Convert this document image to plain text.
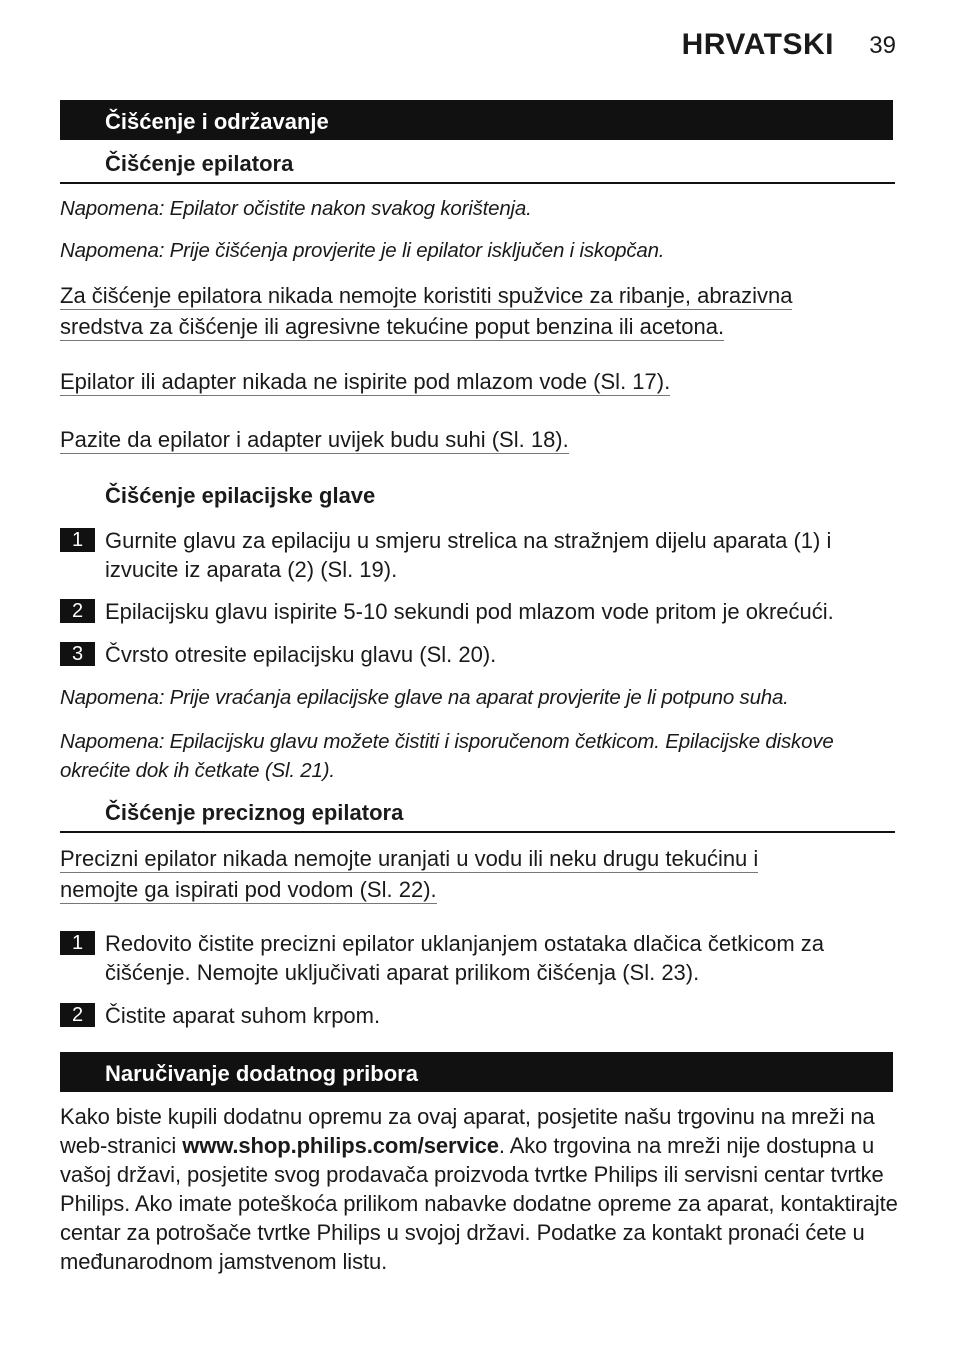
HRVATSKI 39
Čišćenje i održavanje
Čišćenje epilatora
Napomena: Epilator očistite nakon svakog korištenja.
Napomena: Prije čišćenja provjerite je li epilator isključen i iskopčan.
Za čišćenje epilatora nikada nemojte koristiti spužvice za ribanje, abrazivna
sredstva za čišćenje ili agresivne tekućine poput benzina ili acetona.
Epilator ili adapter nikada ne ispirite pod mlazom vode (Sl. 17).
Pazite da epilator i adapter uvijek budu suhi (Sl. 18).
Čišćenje epilacijske glave
1 Gurnite glavu za epilaciju u smjeru strelica na stražnjem dijelu aparata (1) i izvucite iz aparata (2) (Sl. 19).
2 Epilacijsku glavu ispirite 5-10 sekundi pod mlazom vode pritom je okrećući.
3 Čvrsto otresite epilacijsku glavu (Sl. 20).
Napomena: Prije vraćanja epilacijske glave na aparat provjerite je li potpuno suha.
Napomena: Epilacijsku glavu možete čistiti i isporučenom četkicom. Epilacijske diskove okrećite dok ih četkate (Sl. 21).
Čišćenje preciznog epilatora
Precizni epilator nikada nemojte uranjati u vodu ili neku drugu tekućinu i
nemojte ga ispirati pod vodom (Sl. 22).
1 Redovito čistite precizni epilator uklanjanjem ostataka dlačica četkicom za čišćenje. Nemojte uključivati aparat prilikom čišćenja (Sl. 23).
2 Čistite aparat suhom krpom.
Naručivanje dodatnog pribora
Kako biste kupili dodatnu opremu za ovaj aparat, posjetite našu trgovinu na mreži na web-stranici www.shop.philips.com/service. Ako trgovina na mreži nije dostupna u vašoj državi, posjetite svog prodavača proizvoda tvrtke Philips ili servisni centar tvrtke Philips. Ako imate poteškoća prilikom nabavke dodatne opreme za aparat, kontaktirajte centar za potrošače tvrtke Philips u svojoj državi. Podatke za kontakt pronaći ćete u međunarodnom jamstvenom listu.
